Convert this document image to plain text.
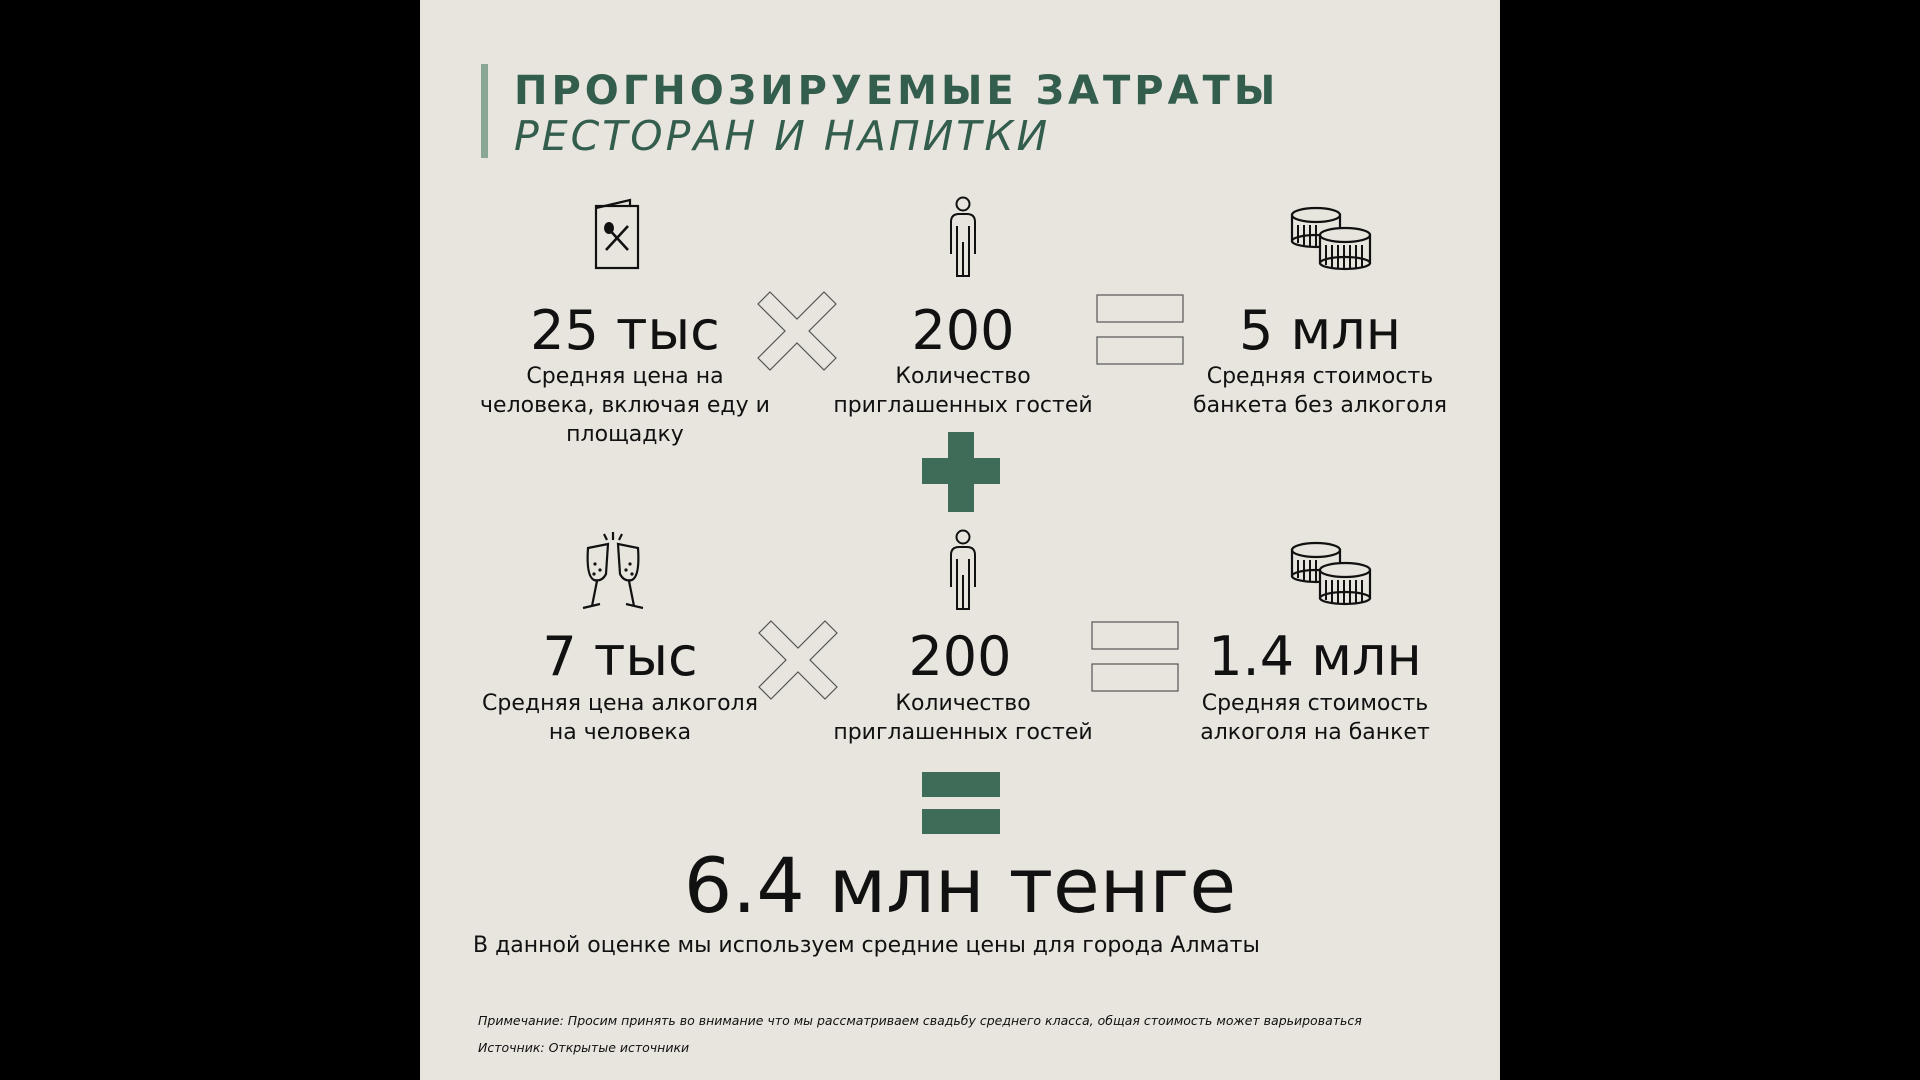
ПРОГНОЗИРУЕМЫЕ ЗАТРАТЫ
РЕСТОРАН И НАПИТКИ
25 тыс
Средняя цена на человека, включая еду и площадку
200
Количество приглашенных гостей
5 млн
Средняя стоимость банкета без алкоголя
7 тыс
Средняя цена алкоголя на человека
200
Количество приглашенных гостей
1.4 млн
Средняя стоимость алкоголя на банкет
6.4 млн тенге
В данной оценке мы используем средние цены для города Алматы
Примечание: Просим принять во внимание что мы рассматриваем свадьбу среднего класса, общая стоимость может варьироваться
Источник: Открытые источники
